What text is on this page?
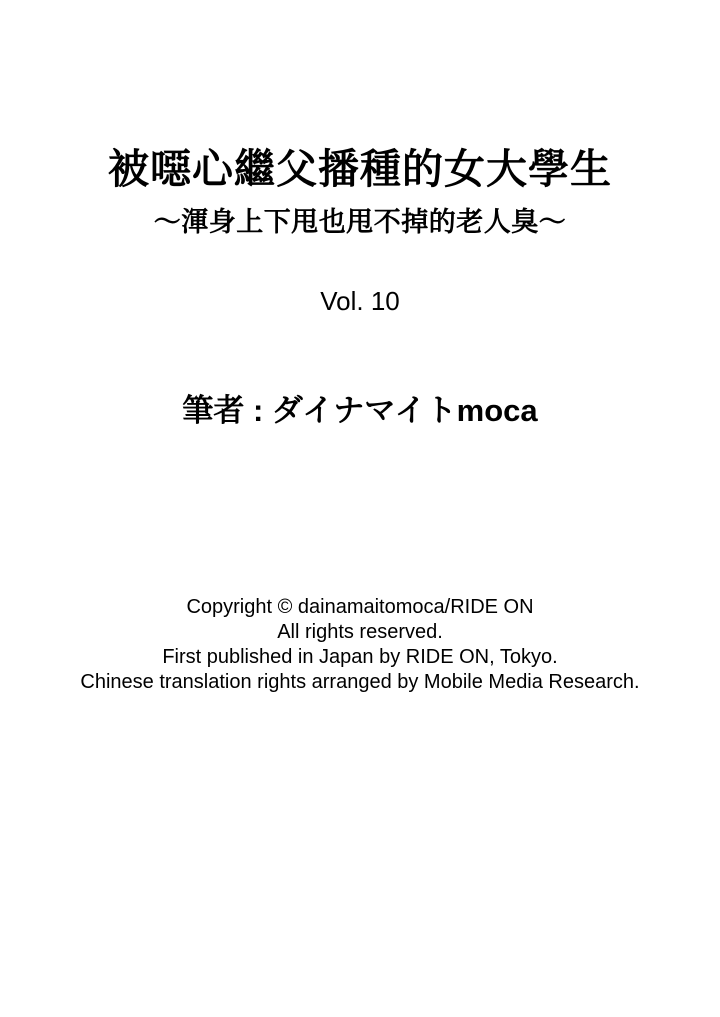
被噁心繼父播種的女大學生
～渾身上下甩也甩不掉的老人臭～
Vol. 10
筆者 : ダイナマイトmoca
Copyright © dainamaitomoca/RIDE ON
All rights reserved.
First published in Japan by RIDE ON, Tokyo.
Chinese translation rights arranged by Mobile Media Research.
